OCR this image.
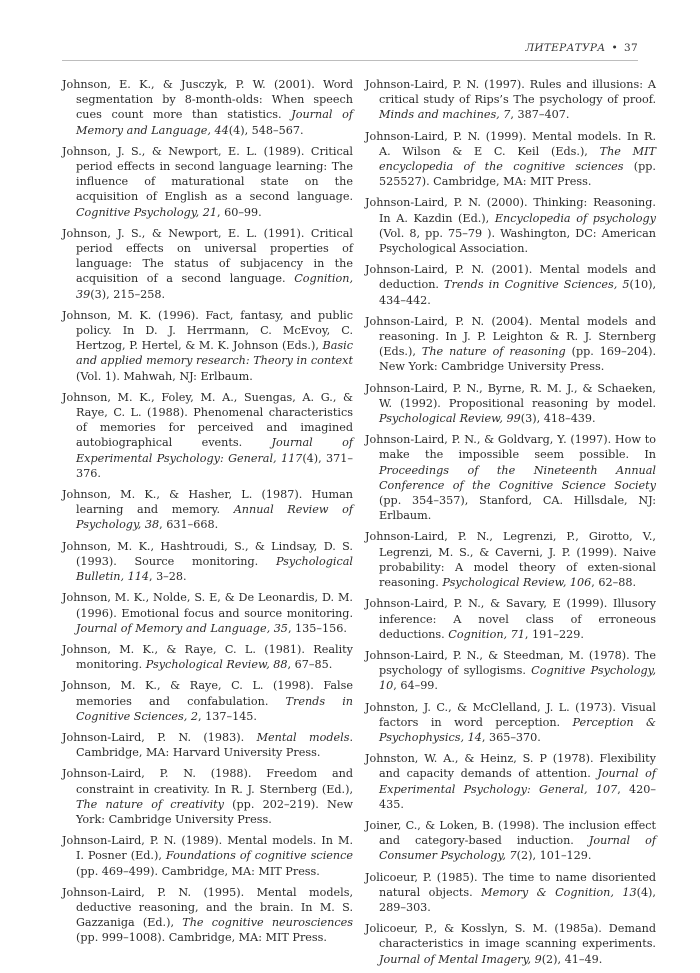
ЛИТЕРАТУРА • 37

Johnson, E. K., & Jusczyk, P. W. (2001). Word segmentation by 8-month-olds: When speech cues count more than statistics. Journal of Memory and Language, 44(4), 548–567.

Johnson, J. S., & Newport, E. L. (1989). Critical period effects in second language learning: The influence of maturational state on the acquisition of English as a second language. Cognitive Psychology, 21, 60–99.

Johnson, J. S., & Newport, E. L. (1991). Critical period effects on universal properties of language: The status of subjacency in the acquisition of a second language. Cognition, 39(3), 215–258.

Johnson, M. K. (1996). Fact, fantasy, and public policy. In D. J. Herrmann, C. McEvoy, C. Hertzog, P. Hertel, & M. K. Johnson (Eds.), Basic and applied memory research: Theory in context (Vol. 1). Mahwah, NJ: Erlbaum.

Johnson, M. K., Foley, M. A., Suengas, A. G., & Raye, C. L. (1988). Phenomenal characteristics of memories for perceived and imagined autobiographical events. Journal of Experimental Psychology: General, 117(4), 371–376.

Johnson, M. K., & Hasher, L. (1987). Human learning and memory. Annual Review of Psychology, 38, 631–668.

Johnson, M. K., Hashtroudi, S., & Lindsay, D. S. (1993). Source monitoring. Psychological Bulletin, 114, 3–28.

Johnson, M. K., Nolde, S. E, & De Leonardis, D. M. (1996). Emotional focus and source monitoring. Journal of Memory and Language, 35, 135–156.

Johnson, M. K., & Raye, C. L. (1981). Reality monitoring. Psychological Review, 88, 67–85.

Johnson, M. K., & Raye, C. L. (1998). False memories and confabulation. Trends in Cognitive Sciences, 2, 137–145.

Johnson-Laird, P. N. (1983). Mental models. Cambridge, MA: Harvard University Press.

Johnson-Laird, P. N. (1988). Freedom and constraint in creativity. In R. J. Sternberg (Ed.), The nature of creativity (pp. 202–219). New York: Cambridge University Press.

Johnson-Laird, P. N. (1989). Mental models. In M. I. Posner (Ed.), Foundations of cognitive science (pp. 469–499). Cambridge, MA: MIT Press.

Johnson-Laird, P. N. (1995). Mental models, deductive reasoning, and the brain. In M. S. Gazzaniga (Ed.), The cognitive neurosciences (pp. 999–1008). Cambridge, MA: MIT Press.

Johnson-Laird, P. N. (1997). Rules and illusions: A critical study of Rips’s The psychology of proof. Minds and machines, 7, 387–407.

Johnson-Laird, P. N. (1999). Mental models. In R. A. Wilson & E C. Keil (Eds.), The MIT encyclopedia of the cognitive sciences (pp. 525527). Cambridge, MA: MIT Press.

Johnson-Laird, P. N. (2000). Thinking: Reasoning. In A. Kazdin (Ed.), Encyclopedia of psychology (Vol. 8, pp. 75–79 ). Washington, DC: American Psychological Association.

Johnson-Laird, P. N. (2001). Mental models and deduction. Trends in Cognitive Sciences, 5(10), 434–442.

Johnson-Laird, P. N. (2004). Mental models and reasoning. In J. P. Leighton & R. J. Sternberg (Eds.), The nature of reasoning (pp. 169–204). New York: Cambridge University Press.

Johnson-Laird, P. N., Byrne, R. M. J., & Schaeken, W. (1992). Propositional reasoning by model. Psychological Review, 99(3), 418–439.

Johnson-Laird, P. N., & Goldvarg, Y. (1997). How to make the impossible seem possible. In Proceedings of the Nineteenth Annual Conference of the Cognitive Science Society (pp. 354–357), Stanford, CA. Hillsdale, NJ: Erlbaum.

Johnson-Laird, P. N., Legrenzi, P., Girotto, V., Legrenzi, M. S., & Caverni, J. P. (1999). Naive probability: A model theory of exten-sional reasoning. Psychological Review, 106, 62–88.

Johnson-Laird, P. N., & Savary, E (1999). Illusory inference: A novel class of erroneous deductions. Cognition, 71, 191–229.

Johnson-Laird, P. N., & Steedman, M. (1978). The psychology of syllogisms. Cognitive Psychology, 10, 64–99.

Johnston, J. C., & McClelland, J. L. (1973). Visual factors in word perception. Perception & Psychophysics, 14, 365–370.

Johnston, W. A., & Heinz, S. P (1978). Flexibility and capacity demands of attention. Journal of Experimental Psychology: General, 107, 420–435.

Joiner, C., & Loken, B. (1998). The inclusion effect and category-based induction. Journal of Consumer Psychology, 7(2), 101–129.

Jolicoeur, P. (1985). The time to name disoriented natural objects. Memory & Cognition, 13(4), 289–303.

Jolicoeur, P., & Kosslyn, S. M. (1985a). Demand characteristics in image scanning experiments. Journal of Mental Imagery, 9(2), 41–49.
